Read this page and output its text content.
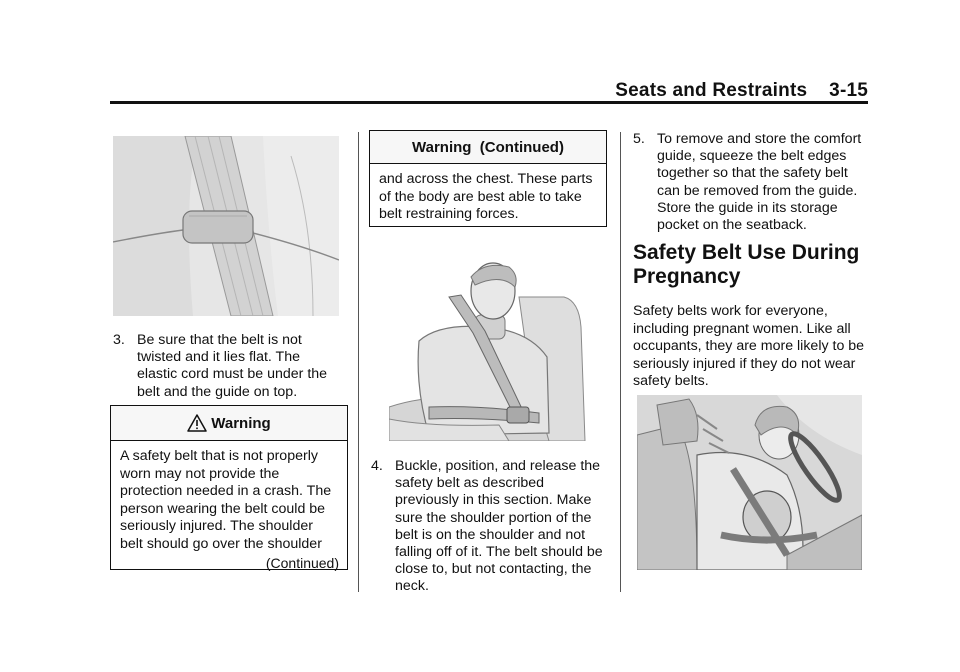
Seats and Restraints 3-15
3. Be sure that the belt is not twisted and it lies flat. The elastic cord must be under the belt and the guide on top.
Warning
A safety belt that is not properly worn may not provide the protection needed in a crash. The person wearing the belt could be seriously injured. The shoulder belt should go over the shoulder
(Continued)
Warning  (Continued)
and across the chest. These parts of the body are best able to take belt restraining forces.
4. Buckle, position, and release the safety belt as described previously in this section. Make sure the shoulder portion of the belt is on the shoulder and not falling off of it. The belt should be close to, but not contacting, the neck.
5. To remove and store the comfort guide, squeeze the belt edges together so that the safety belt can be removed from the guide. Store the guide in its storage pocket on the seatback.
Safety Belt Use During Pregnancy
Safety belts work for everyone, including pregnant women. Like all occupants, they are more likely to be seriously injured if they do not wear safety belts.
